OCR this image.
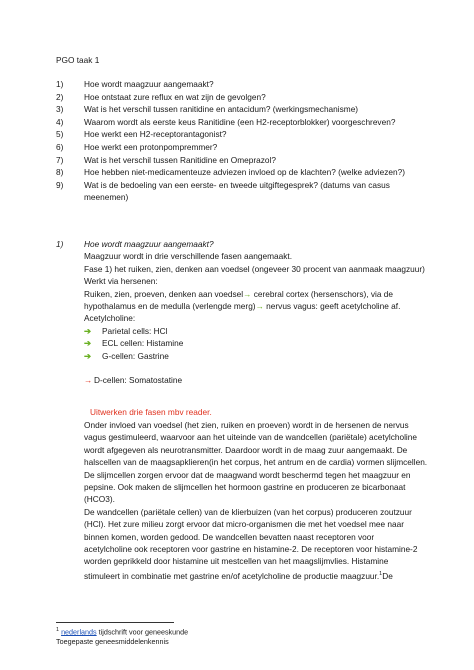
PGO taak 1
1)	Hoe wordt maagzuur aangemaakt?
2)	Hoe ontstaat zure reflux en wat zijn de gevolgen?
3)	Wat is het verschil tussen ranitidine en antacidum? (werkingsmechanisme)
4)	Waarom wordt als eerste keus Ranitidine (een H2-receptorblokker) voorgeschreven?
5)	Hoe werkt een H2-receptorantagonist?
6)	Hoe werkt een protonpompremmer?
7)	Wat is het verschil tussen Ranitidine en Omeprazol?
8)	Hoe hebben niet-medicamenteuze adviezen invloed op de klachten? (welke adviezen?)
9)	Wat is de bedoeling van een eerste- en tweede uitgiftegesprek? (datums van casus
meenemen)
1) Hoe wordt maagzuur aangemaakt?
Maagzuur wordt in drie verschillende fasen aangemaakt.
Fase 1) het ruiken, zien, denken aan voedsel (ongeveer 30 procent van aanmaak maagzuur)
Werkt via hersenen:
Ruiken, zien, proeven, denken aan voedsel→ cerebral cortex (hersenschors), via de
hypothalamus en de medulla (verlengde merg)→ nervus vagus: geeft acetylcholine af.
Acetylcholine:
➔ Parietal cells: HCl
➔ ECL cellen: Histamine
➔ G-cellen: Gastrine
→ D-cellen: Somatostatine
Uitwerken drie fasen mbv reader.
Onder invloed van voedsel (het zien, ruiken en proeven) wordt in de hersenen de nervus
vagus gestimuleerd, waarvoor aan het uiteinde van de wandcellen (pariëtale) acetylcholine
wordt afgegeven als neurotransmitter. Daardoor wordt in de maag zuur aangemaakt. De
halscellen van de maagsapklieren(in het corpus, het antrum en de cardia) vormen slijmcellen.
De slijmcellen zorgen ervoor dat de maagwand wordt beschermd tegen het maagzuur en
pepsine. Ook maken de slijmcellen het hormoon gastrine en produceren ze bicarbonaat
(HCO3).
De wandcellen (pariëtale cellen) van de klierbuizen (van het corpus) produceren zoutzuur
(HCl). Het zure milieu zorgt ervoor dat micro-organismen die met het voedsel mee naar
binnen komen, worden gedood. De wandcellen bevatten naast receptoren voor
acetylcholine ook receptoren voor gastrine en histamine-2. De receptoren voor histamine-2
worden geprikkeld door histamine uit mestcellen van het maagslijmvlies. Histamine
stimuleert in combinatie met gastrine en/of acetylcholine de productie maagzuur.$^1$De
$^1$ nederlands tijdschrift voor geneeskunde
Toegepaste geneesmiddelenkennis
